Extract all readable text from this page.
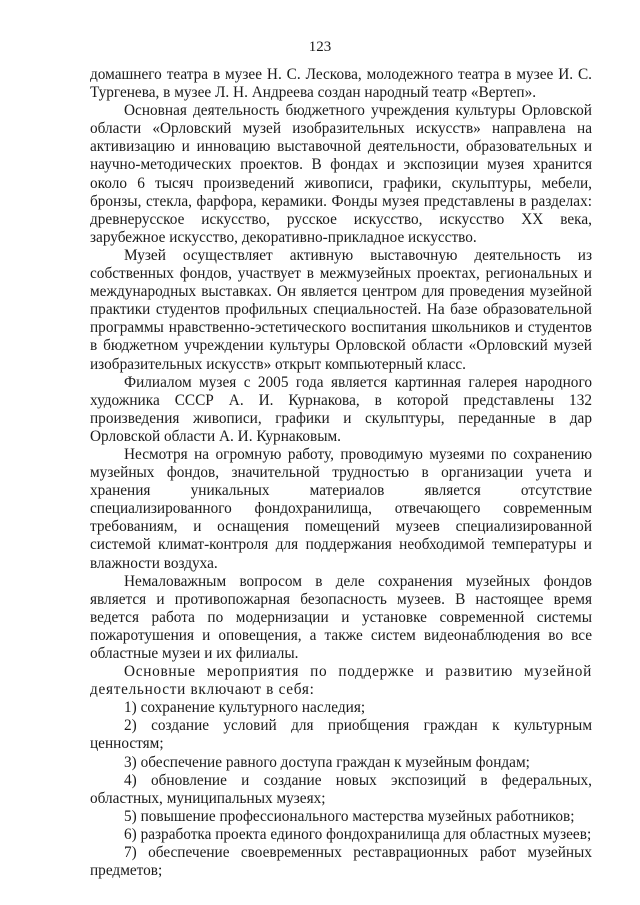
123

домашнего театра в музее Н. С. Лескова, молодежного театра в музее И. С. Тургенева, в музее Л. Н. Андреева создан народный театр «Вертеп».

Основная деятельность бюджетного учреждения культуры Орловской области «Орловский музей изобразительных искусств» направлена на активизацию и инновацию выставочной деятельности, образовательных и научно-методических проектов. В фондах и экспозиции музея хранится около 6 тысяч произведений живописи, графики, скульптуры, мебели, бронзы, стекла, фарфора, керамики. Фонды музея представлены в разделах: древнерусское искусство, русское искусство, искусство XX века, зарубежное искусство, декоративно-прикладное искусство.

Музей осуществляет активную выставочную деятельность из собственных фондов, участвует в межмузейных проектах, региональных и международных выставках. Он является центром для проведения музейной практики студентов профильных специальностей. На базе образовательной программы нравственно-эстетического воспитания школьников и студентов в бюджетном учреждении культуры Орловской области «Орловский музей изобразительных искусств» открыт компьютерный класс.

Филиалом музея с 2005 года является картинная галерея народного художника СССР А. И. Курнакова, в которой представлены 132 произведения живописи, графики и скульптуры, переданные в дар Орловской области А. И. Курнаковым.

Несмотря на огромную работу, проводимую музеями по сохранению музейных фондов, значительной трудностью в организации учета и хранения уникальных материалов является отсутствие специализированного фондохранилища, отвечающего современным требованиям, и оснащения помещений музеев специализированной системой климат-контроля для поддержания необходимой температуры и влажности воздуха.

Немаловажным вопросом в деле сохранения музейных фондов является и противопожарная безопасность музеев. В настоящее время ведется работа по модернизации и установке современной системы пожаротушения и оповещения, а также систем видеонаблюдения во все областные музеи и их филиалы.

Основные мероприятия по поддержке и развитию музейной деятельности включают в себя:

1) сохранение культурного наследия;

2) создание условий для приобщения граждан к культурным ценностям;

3) обеспечение равного доступа граждан к музейным фондам;

4) обновление и создание новых экспозиций в федеральных, областных, муниципальных музеях;

5) повышение профессионального мастерства музейных работников;

6) разработка проекта единого фондохранилища для областных музеев;

7) обеспечение своевременных реставрационных работ музейных предметов;
